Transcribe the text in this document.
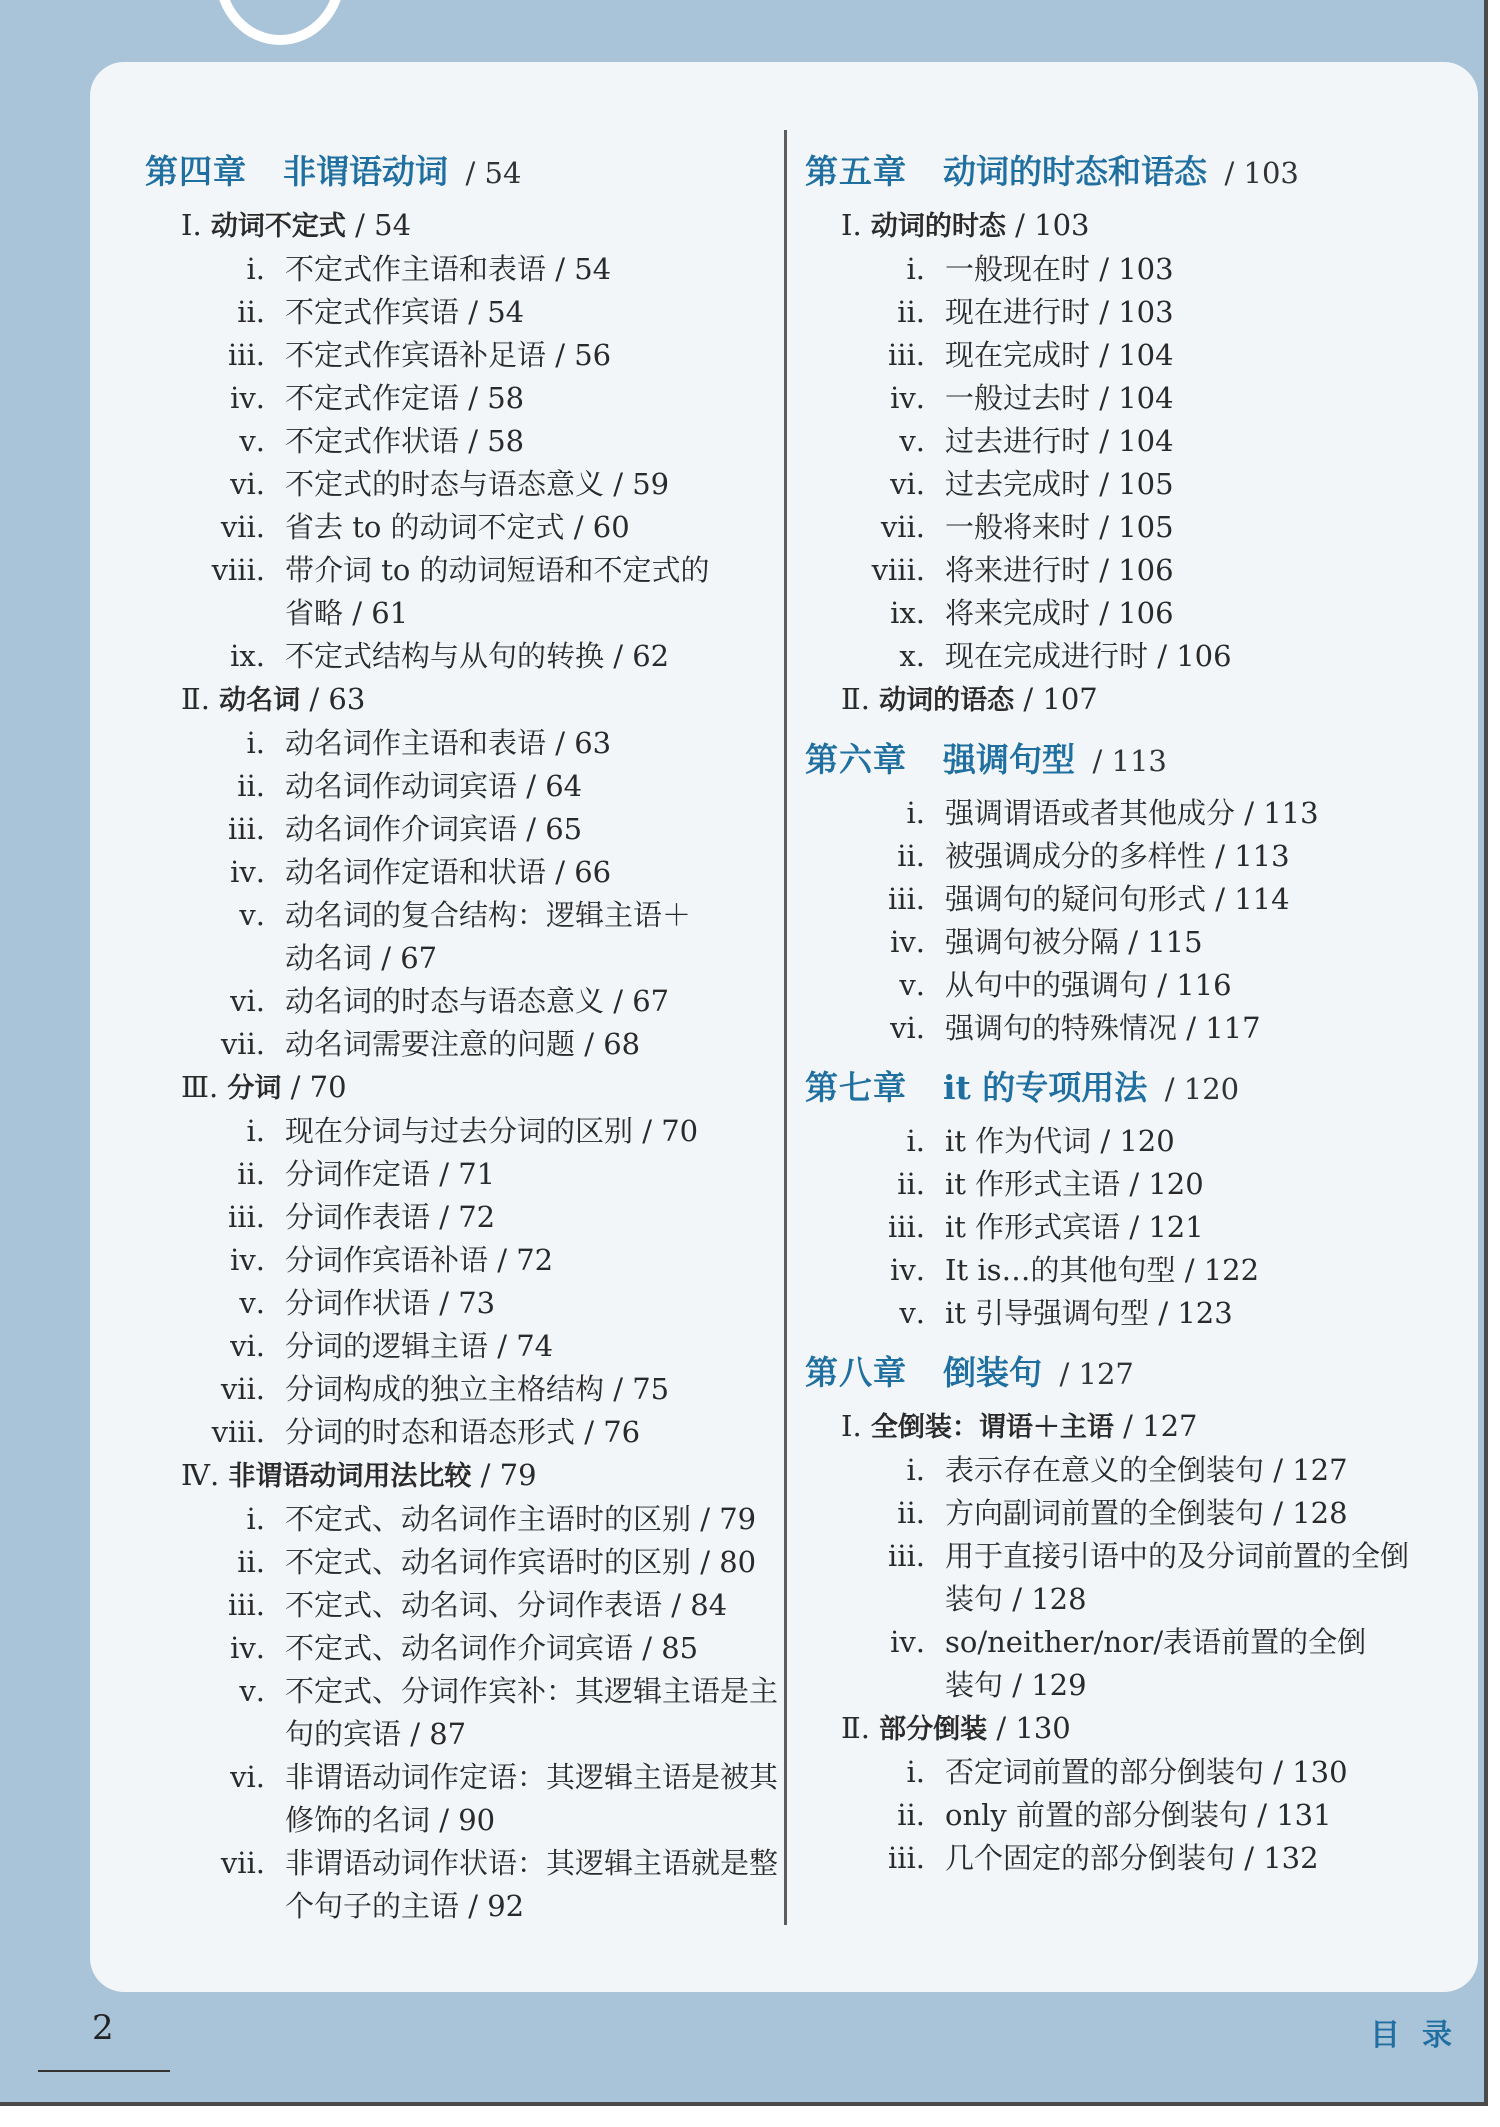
第四章 非谓语动词 / 54
Ⅰ . 动词不定式 / 54
ⅰ .	不定式作主语和表语 / 54
ⅱ .	不定式作宾语 / 54
ⅲ .	不定式作宾语补足语 / 56
ⅳ .	不定式作定语 / 58
ⅴ .	不定式作状语 / 58
ⅵ .	不定式的时态与语态意义 / 59
ⅶ .	省去 to 的动词不定式 / 60
ⅷ .	带介词 to 的动词短语和不定式的
省略 / 61
ⅸ .	不定式结构与从句的转换 / 62
Ⅱ . 动名词 / 63
ⅰ .	动名词作主语和表语 / 63
ⅱ .	动名词作动词宾语 / 64
ⅲ .	动名词作介词宾语 / 65
ⅳ .	动名词作定语和状语 / 66
ⅴ .	动名词的复合结构：逻辑主语＋
动名词 / 67
ⅵ .	动名词的时态与语态意义 / 67
ⅶ .	动名词需要注意的问题 / 68
Ⅲ . 分词 / 70
ⅰ .	现在分词与过去分词的区别 / 70
ⅱ .	分词作定语 / 71
ⅲ .	分词作表语 / 72
ⅳ .	分词作宾语补语 / 72
ⅴ .	分词作状语 / 73
ⅵ .	分词的逻辑主语 / 74
ⅶ .	分词构成的独立主格结构 / 75
ⅷ .	分词的时态和语态形式 / 76
Ⅳ . 非谓语动词用法比较 / 79
ⅰ .	不定式、动名词作主语时的区别 / 79
ⅱ .	不定式、动名词作宾语时的区别 / 80
ⅲ .	不定式、动名词、分词作表语 / 84
ⅳ .	不定式、动名词作介词宾语 / 85
ⅴ .	不定式、分词作宾补：其逻辑主语是主
句的宾语 / 87
ⅵ .	非谓语动词作定语：其逻辑主语是被其
修饰的名词 / 90
ⅶ .	非谓语动词作状语：其逻辑主语就是整
个句子的主语 / 92
第五章 动词的时态和语态 / 103
Ⅰ . 动词的时态 / 103
ⅰ .	一般现在时 / 103
ⅱ .	现在进行时 / 103
ⅲ .	现在完成时 / 104
ⅳ .	一般过去时 / 104
ⅴ .	过去进行时 / 104
ⅵ .	过去完成时 / 105
ⅶ .	一般将来时 / 105
ⅷ .	将来进行时 / 106
ⅸ .	将来完成时 / 106
ⅹ .	现在完成进行时 / 106
Ⅱ . 动词的语态 / 107
第六章 强调句型 / 113
ⅰ .	强调谓语或者其他成分 / 113
ⅱ .	被强调成分的多样性 / 113
ⅲ .	强调句的疑问句形式 / 114
ⅳ .	强调句被分隔 / 115
ⅴ .	从句中的强调句 / 116
ⅵ .	强调句的特殊情况 / 117
第七章 it 的专项用法 / 120
ⅰ .	it 作为代词 / 120
ⅱ .	it 作形式主语 / 120
ⅲ .	it 作形式宾语 / 121
ⅳ .	It is…的其他句型 / 122
ⅴ .	it 引导强调句型 / 123
第八章 倒装句 / 127
Ⅰ . 全倒装：谓语＋主语 / 127
ⅰ .	表示存在意义的全倒装句 / 127
ⅱ .	方向副词前置的全倒装句 / 128
ⅲ .	用于直接引语中的及分词前置的全倒
装句 / 128
ⅳ .	so/neither/nor/表语前置的全倒
装句 / 129
Ⅱ . 部分倒装 / 130
ⅰ .	否定词前置的部分倒装句 / 130
ⅱ .	only 前置的部分倒装句 / 131
ⅲ .	几个固定的部分倒装句 / 132
2	目录
